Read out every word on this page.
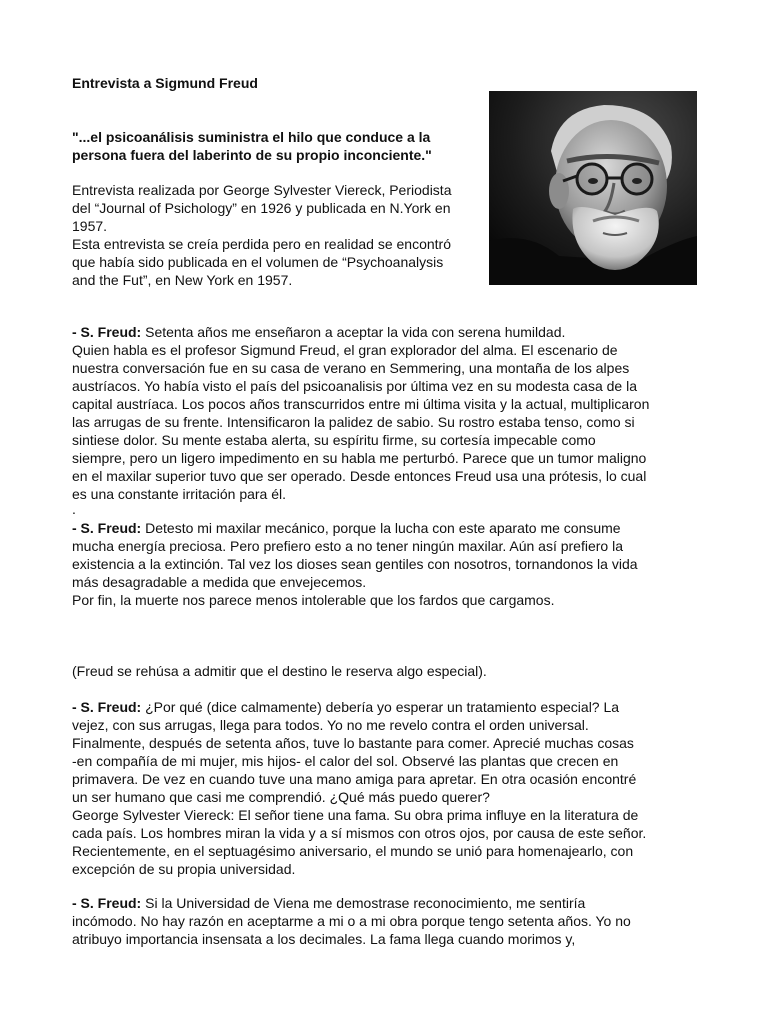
Entrevista a Sigmund Freud

"...el psicoanálisis suministra el hilo que conduce a la

persona fuera del laberinto de su propio inconciente."

Entrevista realizada por George Sylvester Viereck, Periodista

del “Journal of Psichology” en 1926 y publicada en N.York en

1957.

Esta entrevista se creía perdida pero en realidad se encontró

que había sido publicada en el volumen de “Psychoanalysis

and the Fut”, en New York en 1957.

- S. Freud: Setenta años me enseñaron a aceptar la vida con serena humildad.

Quien habla es el profesor Sigmund Freud, el gran explorador del alma. El escenario de

nuestra conversación fue en su casa de verano en Semmering, una montaña de los alpes

austríacos. Yo había visto el país del psicoanalisis por última vez en su modesta casa de la

capital austríaca. Los pocos años transcurridos entre mi última visita y la actual, multiplicaron

las arrugas de su frente. Intensificaron la palidez de sabio. Su rostro estaba tenso, como si

sintiese dolor. Su mente estaba alerta, su espíritu firme, su cortesía impecable como

siempre, pero un ligero impedimento en su habla me perturbó. Parece que un tumor maligno

en el maxilar superior tuvo que ser operado. Desde entonces Freud usa una prótesis, lo cual

es una constante irritación para él.

.

- S. Freud: Detesto mi maxilar mecánico, porque la lucha con este aparato me consume

mucha energía preciosa. Pero prefiero esto a no tener ningún maxilar. Aún así prefiero la

existencia a la extinción. Tal vez los dioses sean gentiles con nosotros, tornandonos la vida

más desagradable a medida que envejecemos.

Por fin, la muerte nos parece menos intolerable que los fardos que cargamos.

(Freud se rehúsa a admitir que el destino le reserva algo especial).

- S. Freud: ¿Por qué (dice calmamente) debería yo esperar un tratamiento especial? La

vejez, con sus arrugas, llega para todos. Yo no me revelo contra el orden universal.

Finalmente, después de setenta años, tuve lo bastante para comer. Aprecié muchas cosas

-en compañía de mi mujer, mis hijos- el calor del sol. Observé las plantas que crecen en

primavera. De vez en cuando tuve una mano amiga para apretar. En otra ocasión encontré

un ser humano que casi me comprendió. ¿Qué más puedo querer?

George Sylvester Viereck: El señor tiene una fama. Su obra prima influye en la literatura de

cada país. Los hombres miran la vida y a sí mismos con otros ojos, por causa de este señor.

Recientemente, en el septuagésimo aniversario, el mundo se unió para homenajearlo, con

excepción de su propia universidad.

- S. Freud: Si la Universidad de Viena me demostrase reconocimiento, me sentiría

incómodo. No hay razón en aceptarme a mi o a mi obra porque tengo setenta años. Yo no

atribuyo importancia insensata a los decimales. La fama llega cuando morimos y,
